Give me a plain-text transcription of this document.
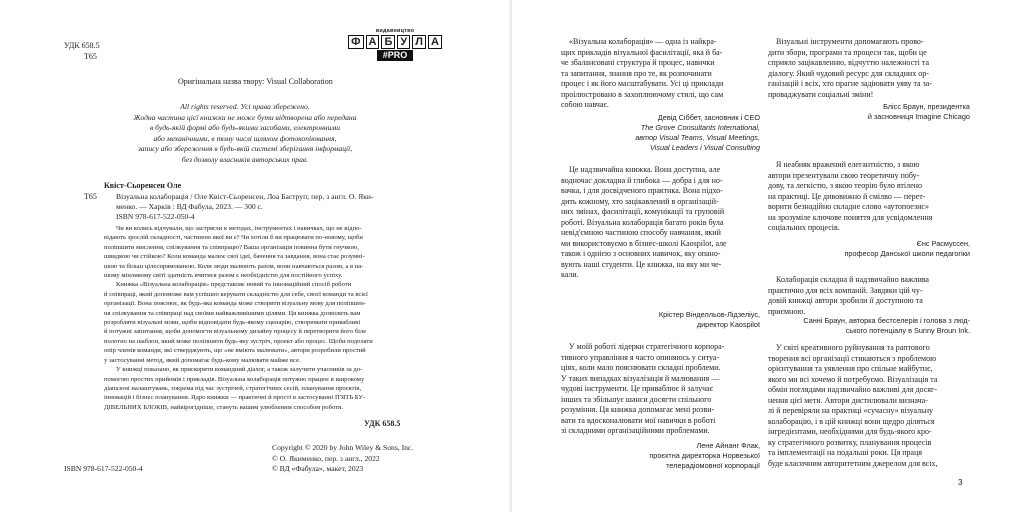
УДК 658.5
Т65
видавництво
Ф А Б У Л А
#PRO
Оригінальна назва твору: Visual Collaboration
All rights reserved. Усі права збережено.
Жодна частина цієї книжки не може бути відтворена або передана
в будь-якій формі або будь-якими засобами, електронними
або механічними, в тому числі шляхом фотокопіювання,
запису або збереження в будь-якій системі зберігання інформації,
без дозволу власників авторських прав.
Квіст-Сьоренсен Оле
Т65	Візуальна колаборація / Оле Квіст-Сьоренсен, Лоа Баструп; пер. з англ. О. Яки-
менко. — Харків : ВД Фабула, 2023. — 300 с.
ISBN 978-617-522-050-4
Чи ви колись відчували, що застрягли в методах, інструментах і навичках, що не відпо-
відають зрослій складності, частиною якої ви є? Чи хотіли б ви працювати по-новому, щоби
поліпшити мислення, спілкування та співпрацю? Ваша організація повинна бути гнучкою,
швидкою чи стійкою? Коли команда малює свої ідеї, бачення та завдання, вона стає розумні-
шою та більш цілеспрямованою. Коли люди малюють разом, вони навчаються разом, а в на-
шому мінливому світі здатність вчитися разом є необхідністю для постійного успіху.
Книжка «Візуальна колаборація» представляє новий та інноваційний спосіб роботи
й співпраці, який допоможе вам успішно керувати складністю для себе, своєї команди та всієї
організації. Вона пояснює, як будь-яка команда може створити візуальну мову для поліпшен-
ня спілкування та співпраці над своїми найважливішими цілями. Ця книжка дозволить вам
розробляти візуальні мови, щоби відповідати будь-якому сценарію, створювати привабливі
й потужні запитання, щоби допомогти візуальному дизайну процесу й перетворити його біле
полотно на шаблон, який може поліпшити будь-яку зустріч, проект або процес. Щоби подолати
опір членів команди, які стверджують, що «не вміють малювати», автори розробили простий
у застосуванні метод, який допомагає будь-кому малювати майже все.
У книжці показано, як прискорити командний діалог, а також залучити учасників за до-
помогою простих прийомів і прикладів. Візуальна колаборація потужно працює в широкому
діапазоні налаштувань, зокрема під час зустрічей, стратегічних сесій, планування проєктів,
інновацій і бізнес планування. Ядро книжки — практичні й прості в застосуванні П'ЯТЬ БУ-
ДІВЕЛЬНИХ БЛОКІВ, найвірогідніше, стануть вашим улюбленим способом роботи.
УДК 658.5
Copyright © 2020 by John Wiley & Sons, Inc.
© О. Якименко, пер. з англ., 2022
© ВД «Фабула», макет, 2023
ISBN 978-617-522-050-4
«Візуальна колаборація» — одна із найкра-
щих прикладів візуальної фасилітації, яка й ба-
че збалансовані структура й процес, навички
та запитання, знання про те, як розпочинати
процес і як його масштабувати. Усі ці приклади
проілюстровано в захоплюючому стилі, що сам
собою навчає.
Девід Сіббет, засновник і CEO
The Grove Consultants International,
автор Visual Teams, Visual Meetings,
Visual Leaders і Visual Consulting
Це надзвичайна книжка. Вона доступна, але
водночас докладна й глибока — добра і для но-
вачка, і для досвідченого практика. Вона підхо-
дить кожному, хто зацікавлений в організацій-
них змінах, фасилітації, комунікації та груповій
роботі. Візуальна колаборація багато років була
невід'ємною частиною способу навчання, який
ми використовуємо в бізнес-школі Kaospilot, але
також і однією з основних навичок, яку опано-
вують наші студенти. Це книжка, на яку ми че-
кали.
Крістер Вінделльов-Лідзеліус,
директор Kaospilot
У моїй роботі лідерки стратегічного корпора-
тивного управління я часто опиняюсь у ситуа-
ціях, коли мало пояснювати складні проблеми.
У таких випадках візуалізація й малювання —
чудові інструменти. Це приваблює й залучає
інших та збільшує шанси досягти спільного
розуміння. Ця книжка допомагає мені розви-
вати та вдосконалювати мої навички в роботі
зі складними організаційними проблемами.
Лене Айнанг Флак,
проєктна директорка Норвезької
телерадіомовної корпорації
Візуальні інструменти допомагають прово-
дити збори, програми та процеси так, щоби це
сприяло зацікавленню, відчуттю належності та
діалогу. Який чудовий ресурс для складних ор-
ганізацій і всіх, хто прагне задіювати уяву та за-
проваджувати соціальні зміни!
Блісс Браун, президентка
й засновниця Imagine Chicago
Я неабияк вражений елегантністю, з якою
автори презентували свою теоретичну побу-
дову, та легкістю, з якою теорію було втілено
на практиці. Це дивовижно й смілво — перет-
ворити безнадійно складне слово «аутопоезис»
на зрозуміле ключове поняття для усвідомлення
соціальних процесів.
Єнс Расмуссен,
професор Данської школи педагогіки
Колаборація складна й надзвичайно важлива
практично для всіх компаній. Завдяки цій чу-
довій книжці автори зробили її доступною та
приємною.
Санні Браун, авторка бестселерів і голова з люд-
ського потенціалу в Sunny Broun Ink.
У світі креативного руйнування та раптового
творення всі організації стикаються з проблемою
орієнтування та уявлення про спільне майбутнє,
якого ми всі хочемо й потребуємо. Візуалізація та
обмін поглядами надзвичайно важливі для досяг-
нення цієї мети. Автори дистилювали визнача-
лі й перевіряли на практиці «сучасну» візуальну
колаборацію, і в цій книжці вони щедро діляться
інгредієнтами, необхідними для будь-якого кро-
ку стратегічного розвитку, планування процесів
та імплементації на подальші роки. Ця праця
буде класичним авторитетним джерелом для всіх,
3
